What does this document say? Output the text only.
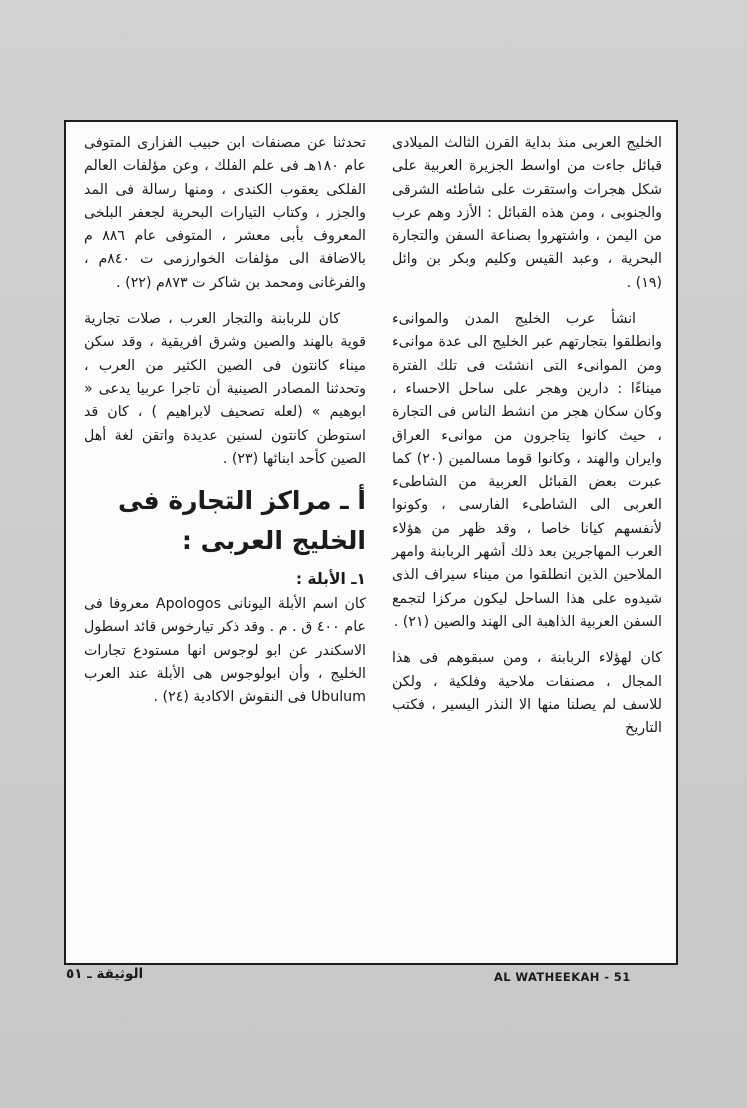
الخليج العربى منذ بداية القرن الثالث الميلادى قبائل جاءت من اواسط الجزيرة العربية على شكل هجرات واستقرت على شاطئه الشرقى والجنوبى ، ومن هذه القبائل : الأزد وهم عرب من اليمن ، واشتهروا بصناعة السفن والتجارة البحرية ، وعبد القيس وكليم وبكر بن وائل (١٩) .

انشأ عرب الخليج المدن والموانىء وانطلقوا بتجارتهم عبر الخليج الى عدة موانىء ومن الموانىء التى انشئت فى تلك الفترة ميناءًا : دارين وهجر على ساحل الاحساء ، وكان سكان هجر من انشط الناس فى التجارة ، حيث كانوا يتاجرون من موانىء العراق وايران والهند ، وكانوا قوما مسالمين (٢٠) كما عبرت بعض القبائل العربية من الشاطىء العربى الى الشاطىء الفارسى ، وكونوا لأنفسهم كيانا خاصا ، وقد ظهر من هؤلاء العرب المهاجرين بعد ذلك أشهر الربابنة وامهر الملاحين الذين انطلقوا من ميناء سيراف الذى شيدوه على هذا الساحل ليكون مركزا لتجمع السفن العربية الذاهبة الى الهند والصين (٢١) .

كان لهؤلاء الربابنة ، ومن سبقوهم فى هذا المجال ، مصنفات ملاحية وفلكية ، ولكن للاسف لم يصلنا منها الا النذر اليسير ، فكتب التاريخ

تحدثنا عن مصنفات ابن حبيب الفزارى المتوفى عام ١٨٠هـ فى علم الفلك ، وعن مؤلفات العالم الفلكى يعقوب الكندى ، ومنها رسالة فى المد والجزر ، وكتاب التيارات البحرية لجعفر البلخى المعروف بأبى معشر ، المتوفى عام ٨٨٦ م بالاضافة الى مؤلفات الخوارزمى ت ٨٤٠م ، والفرغانى ومحمد بن شاكر ت ٨٧٣م (٢٢) .

كان للربابنة والتجار العرب ، صلات تجارية قوية بالهند والصين وشرق افريقية ، وقد سكن ميناء كانتون فى الصين الكثير من العرب ، وتحدثنا المصادر الصينية أن تاجرا عربيا يدعى « ابوهيم » (لعله تصحيف لابراهيم ) ، كان قد استوطن كانتون لسنين عديدة واتقن لغة أهل الصين كأحد ابنائها (٢٣) .

أ ـ مراكز التجارة فى الخليج العربى :
١ـ الأبلة :

كان اسم الأبلة اليونانى Apologos معروفا فى عام ٤٠٠ ق . م . وقد ذكر تيارخوس قائد اسطول الاسكندر عن ابو لوجوس انها مستودع تجارات الخليج ، وأن ابولوجوس هى الأبلة عند العرب Ubulum فى النقوش الاكادية (٢٤) .

الوثيقة ـ ٥١	AL WATHEEKAH - 51
